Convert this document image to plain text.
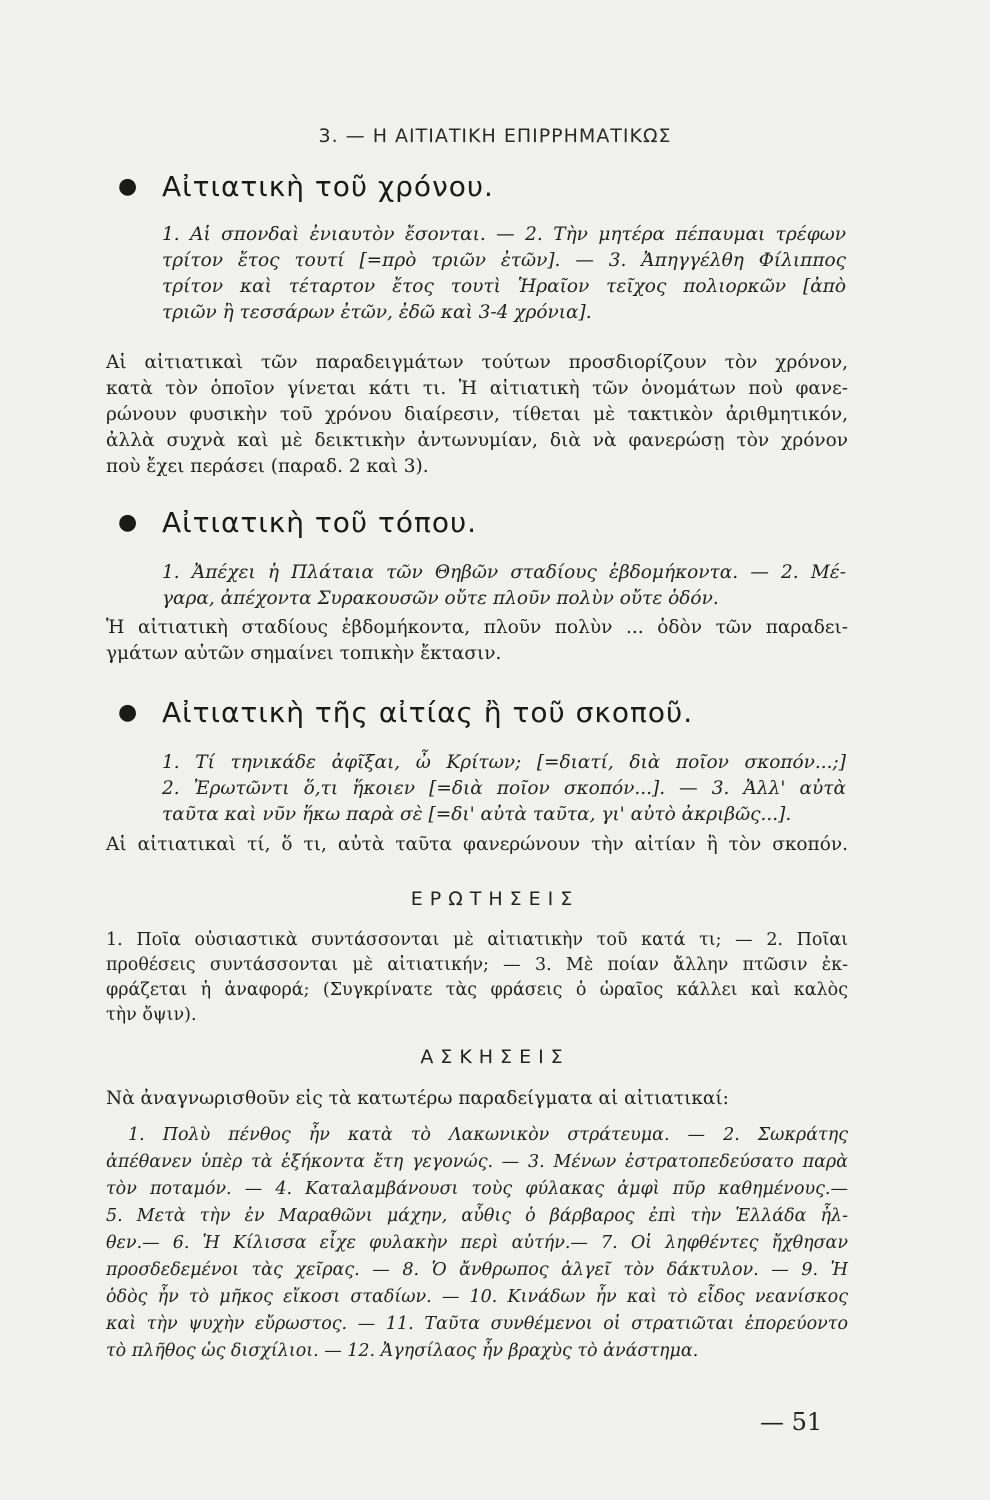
3. — Η ΑΙΤΙΑΤΙΚΗ ΕΠΙΡΡΗΜΑΤΙΚΩΣ
● Αἰτιατικὴ τοῦ χρόνου.

1. Αἱ σπονδαὶ ἐνιαυτὸν ἔσονται. — 2. Τὴν μητέρα πέπαυμαι τρέφων

τρίτον ἔτος τουτί [=πρὸ τριῶν ἐτῶν]. — 3. Ἀπηγγέλθη Φίλιππος

τρίτον καὶ τέταρτον ἔτος τουτὶ Ἡραῖον τεῖχος πολιορκῶν [ἀπὸ

τριῶν ἢ τεσσάρων ἐτῶν, ἐδῶ καὶ 3-4 χρόνια].

Αἱ αἰτιατικαὶ τῶν παραδειγμάτων τούτων προσδιορίζουν τὸν χρόνον,

κατὰ τὸν ὁποῖον γίνεται κάτι τι. Ἡ αἰτιατικὴ τῶν ὀνομάτων ποὺ φανε-

ρώνουν φυσικὴν τοῦ χρόνου διαίρεσιν, τίθεται μὲ τακτικὸν ἀριθμητικόν,

ἀλλὰ συχνὰ καὶ μὲ δεικτικὴν ἀντωνυμίαν, διὰ νὰ φανερώσῃ τὸν χρόνον

ποὺ ἔχει περάσει (παραδ. 2 καὶ 3).

● Αἰτιατικὴ τοῦ τόπου.

1. Ἀπέχει ἡ Πλάταια τῶν Θηβῶν σταδίους ἑβδομήκοντα. — 2. Μέ-

γαρα, ἀπέχοντα Συρακουσῶν οὔτε πλοῦν πολὺν οὔτε ὁδόν.

Ἡ αἰτιατικὴ σταδίους ἑβδομήκοντα, πλοῦν πολὺν ... ὁδὸν τῶν παραδει-

γμάτων αὐτῶν σημαίνει τοπικὴν ἔκτασιν.

● Αἰτιατικὴ τῆς αἰτίας ἢ τοῦ σκοποῦ.

1. Τί τηνικάδε ἀφῖξαι, ὦ Κρίτων; [=διατί, διὰ ποῖον σκοπόν...;]

2. Ἐρωτῶντι ὅ,τι ἥκοιεν [=διὰ ποῖον σκοπόν...]. — 3. Ἀλλ' αὐτὰ

ταῦτα καὶ νῦν ἥκω παρὰ σὲ [=δι' αὐτὰ ταῦτα, γι' αὐτὸ ἀκριβῶς...].

Αἱ αἰτιατικαὶ τί, ὅ τι, αὐτὰ ταῦτα φανερώνουν τὴν αἰτίαν ἢ τὸν σκοπόν.

ΕΡΩΤΗΣΕΙΣ

1. Ποῖα οὐσιαστικὰ συντάσσονται μὲ αἰτιατικὴν τοῦ κατά τι; — 2. Ποῖαι

προθέσεις συντάσσονται μὲ αἰτιατικήν; — 3. Μὲ ποίαν ἄλλην πτῶσιν ἐκ-

φράζεται ἡ ἀναφορά; (Συγκρίνατε τὰς φράσεις ὁ ὡραῖος κάλλει καὶ καλὸς

τὴν ὄψιν).

ΑΣΚΗΣΕΙΣ

Νὰ ἀναγνωρισθοῦν εἰς τὰ κατωτέρω παραδείγματα αἱ αἰτιατικαί:

1. Πολὺ πένθος ἦν κατὰ τὸ Λακωνικὸν στράτευμα. — 2. Σωκράτης

ἀπέθανεν ὑπὲρ τὰ ἑξήκοντα ἔτη γεγονώς. — 3. Μένων ἐστρατοπεδεύσατο παρὰ

τὸν ποταμόν. — 4. Καταλαμβάνουσι τοὺς φύλακας ἀμφὶ πῦρ καθημένους.—

5. Μετὰ τὴν ἐν Μαραθῶνι μάχην, αὖθις ὁ βάρβαρος ἐπὶ τὴν Ἑλλάδα ἦλ-

θεν.— 6. Ἡ Κίλισσα εἶχε φυλακὴν περὶ αὐτήν.— 7. Οἱ ληφθέντες ἤχθησαν

προσδεδεμένοι τὰς χεῖρας. — 8. Ὁ ἄνθρωπος ἀλγεῖ τὸν δάκτυλον. — 9. Ἡ

ὁδὸς ἦν τὸ μῆκος εἴκοσι σταδίων. — 10. Κινάδων ἦν καὶ τὸ εἶδος νεανίσκος

καὶ τὴν ψυχὴν εὔρωστος. — 11. Ταῦτα συνθέμενοι οἱ στρατιῶται ἐπορεύοντο

τὸ πλῆθος ὡς δισχίλιοι. — 12. Ἀγησίλαος ἦν βραχὺς τὸ ἀνάστημα.

— 51
